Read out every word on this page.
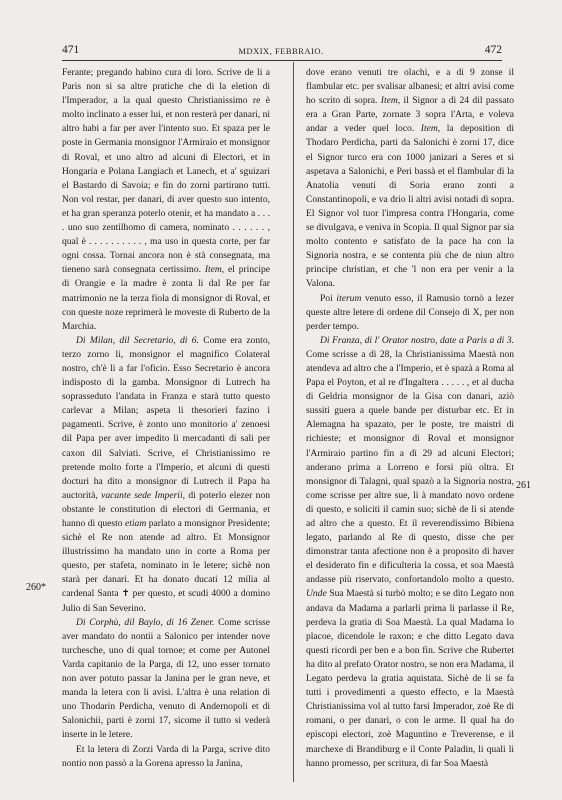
471	MDXIX, FEBBRAIO.	472
260*
261

Ferante; pregando habino cura di loro. Scrive de li a Paris non si sa altre pratiche che di la eletion di l'Imperador, a la qual questo Christianissimo re è molto inclinato a esser lui, et non resterà per danari, ni altro habi a far per aver l'intento suo. Et spaza per le poste in Germania monsignor l'Armiraio et monsignor di Roval, et uno altro ad alcuni di Electori, et in Hongaria e Polana Langiach et Lanech, et a' sguizari el Bastardo di Savoia; e fin do zorni partirano tutti. Non vol restar, per danari, di aver questo suo intento, et ha gran speranza poterlo otenir, et ha mandato a . . . . uno suo zentilhomo di camera, nominato . . . . . . , qual è . . . . . . . . . . , ma uso in questa corte, per far ogni cossa. Tornai ancora non è stà consegnata, ma tieneno sarà consegnata certissimo. Item, el principe di Orangie e la madre è zonta li dal Re per far matrimonio ne la terza fiola di monsignor di Roval, et con queste noze reprimerà le moveste di Ruberto de la Marchia.

Di Milan, dil Secretario, di 6. Come era zonto, terzo zorno li, monsignor el magnifico Colateral nostro, ch'è lì a far l'oficio. Esso Secretario è ancora indisposto di la gamba. Monsignor di Lutrech ha soprasseduto l'andata in Franza e starà tutto questo carlevar a Milan; aspeta li thesorieri fazino i pagamenti. Scrive, è zonto uno monitorio a' zenoesi dil Papa per aver impedito li mercadanti di sali per caxon dil Salviati. Scrive, el Christianissimo re pretende molto forte a l'Imperio, et alcuni di questi docturi ha dito a monsignor di Lutrech il Papa ha auctorità, vacante sede Imperii, di poterlo elezer non obstante le constitution di electori di Germania, et hanno di questo etiam parlato a monsignor Presidente; sichè el Re non atende ad altro. Et Monsignor illustrissimo ha mandato uno in corte a Roma per questo, per stafeta, nominato in le letere; sichè non starà per danari. Et ha donato ducati 12 milia al cardenal Santa ✝ per questo, et scudi 4000 a domino Julio di San Severino.

Di Corphù, dil Baylo, di 16 Zener. Come scrisse aver mandato do nontii a Salonico per intender nove turchesche, uno di qual tornoe; et come per Autonel Varda capitanio de la Parga, di 12, uno esser tornato non aver potuto passar la Janina per le gran neve, et manda la letera con li avisi. L'altra è una relation di uno Thodarin Perdicha, venuto di Andernopoli et di Salonichii, parti è zorni 17, sicome il tutto si vederà inserte in le letere.

Et la letera di Zorzi Varda di la Parga, scrive dito nontio non passò a la Gorena apresso la Janina,

dove erano venuti tre olachi, e a di 9 zonse il flambular etc. per svalisar albanesi; et altri avisi come ho scrito di sopra. Item, il Signor a dì 24 dil passato era a Gran Parte, zornate 3 sopra l'Arta, e voleva andar a veder quel loco. Item, la deposition di Thodaro Perdicha, parti da Salonichi è zorni 17, dice el Signor turco era con 1000 janizari a Seres et si aspetava a Salonichi, e Peri bassà et el flambular di la Anatolia venuti di Soria erano zonti a Constantinopoli, e va drio li altri avisi notadi di sopra. El Signor vol tuor l'impresa contra l'Hongaria, come se divulgava, e veniva in Scopia. Il qual Signor par sia molto contento e satisfato de la pace ha con la Signoria nostra, e se contenta più che de niun altro principe christian, et che 'l non era per venir a la Valona.

Poi iterum venuto esso, il Ramusio tornò a lezer queste altre letere di ordene dil Consejo di X, per non perder tempo.

Di Franza, di l' Orator nostro, date a Paris a di 3. Come scrisse a dì 28, la Christianissima Maestà non atendeva ad altro che a l'Imperio, et è spazà a Roma al Papa el Poyton, et al re d'Ingaltera . . . . . , et al ducha di Geldria monsignor de la Gisa con danari, aziò sussiti guera a quele bande per disturbar etc. Et in Alemagna ha spazato, per le poste, tre maistri di richieste; et monsignor di Roval et monsignor l'Armiraio partino fin a dì 29 ad alcuni Electori; anderano prima a Lorreno e forsi più oltra. Et monsignor di Talagni, qual spazò a la Signoria nostra, come scrisse per altre sue, li à mandato novo ordene di questo, e solicitì il camin suo; sichè de li si atende ad altro che a questo. Et il reverendissimo Bibiena legato, parlando al Re di questo, disse che per dimonstrar tanta afectione non è a proposito di haver el desiderato fin e dificulteria la cossa, et soa Maestà andasse più riservato, confortandolo molto a questo. Unde Sua Maestà si turbò molto; e se dito Legato non andava da Madama a parlarli prima li parlasse il Re, perdeva la gratia di Soa Maestà. La qual Madama lo placoe, dicendole le raxon; e che ditto Legato dava questi ricordi per ben e a bon fin. Scrive che Rubertet ha dito al prefato Orator nostro, se non era Madama, il Legato perdeva la gratia aquistata. Sichè de li se fa tutti i provedimenti a questo effecto, e la Maestà Christianissima vol al tutto farsi Imperador, zoè Re di romani, o per danari, o con le arme. Il qual ha do episcopi electori, zoè Maguntino e Treverense, e il marchexe di Brandiburg e il Conte Paladin, li quali li hanno promesso, per scritura, di far Soa Maestà
